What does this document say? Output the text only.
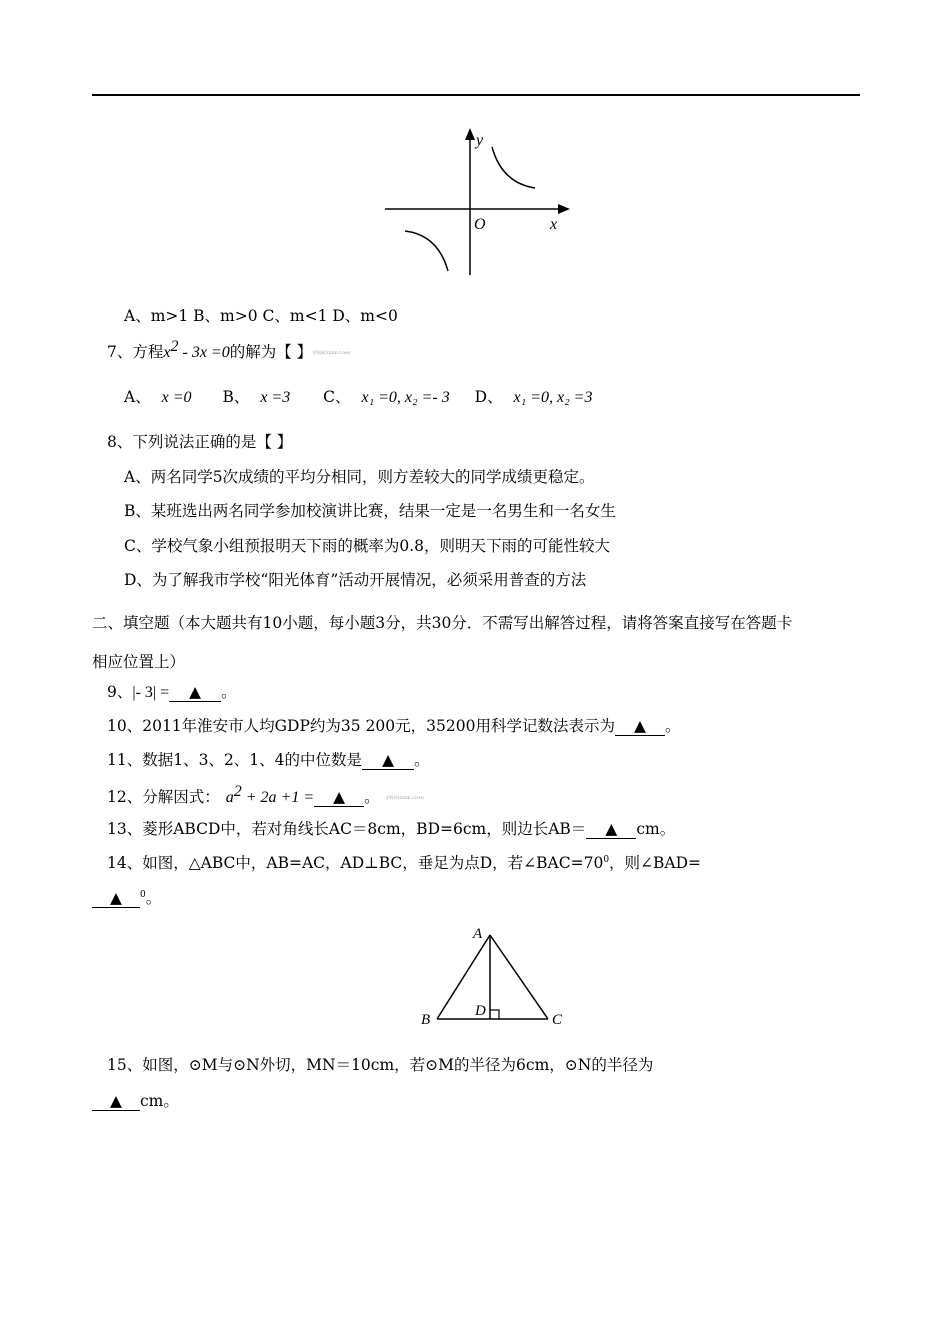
y
O	x
A、m>1 B、m>0 C、m<1 D、m<0
7、方程$x^2 - 3x =0$的解为【 】学科网(ZXXK.COM)
A、 x =0 B、 x =3 C、 x₁ =0, x₂ =- 3 D、 x₁ =0, x₂ =3
8、下列说法正确的是【 】
A、两名同学5次成绩的平均分相同，则方差较大的同学成绩更稳定。
B、某班选出两名同学参加校演讲比赛，结果一定是一名男生和一名女生
C、学校气象小组预报明天下雨的概率为0.8，则明天下雨的可能性较大
D、为了解我市学校“阳光体育”活动开展情况，必须采用普查的方法
二、填空题（本大题共有10小题，每小题3分，共30分．不需写出解答过程，请将答案直接写在答题卡
相应位置上）
9、|- 3| = ▲ 。
10、2011年淮安市人均GDP约为35 200元，35200用科学记数法表示为 ▲ 。
11、数据1、3、2、1、4的中位数是 ▲ 。
12、分解因式： $a^2 + 2a +1$ = ▲ 。 学科网(ZXXK.COM)
13、菱形ABCD中，若对角线长AC＝8cm，BD=6cm，则边长AB＝ ▲ cm。
14、如图，△ABC中，AB=AC，AD⊥BC，垂足为点D，若$\angle BAC=70^0$，则∠BAD=
▲ $^0$。
A
B	C
D
15、如图，⊙M与⊙N外切，MN＝10cm，若⊙M的半径为6cm，⊙N的半径为
▲ cm。
